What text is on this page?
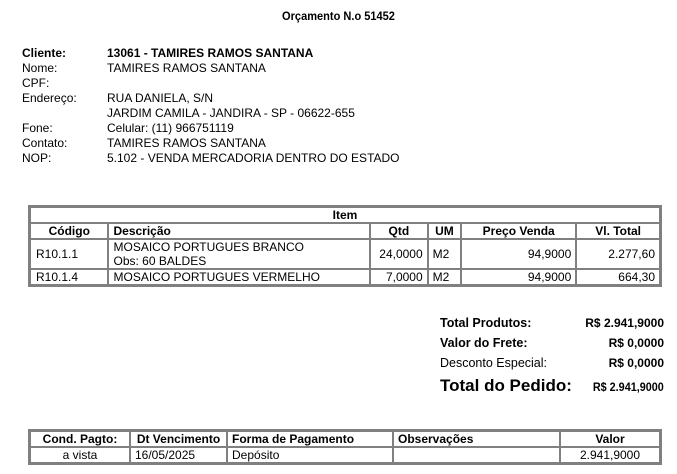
Orçamento N.o 51452
Cliente:	13061 - TAMIRES RAMOS SANTANA
Nome:	TAMIRES RAMOS SANTANA
CPF:
Endereço:	RUA DANIELA, S/N
JARDIM CAMILA - JANDIRA - SP - 06622-655
Fone:	Celular: (11) 966751119
Contato:	TAMIRES RAMOS SANTANA
NOP:	5.102 - VENDA MERCADORIA DENTRO DO ESTADO
Item					
Código	Descrição	Qtd	UM	Preço Venda	Vl. Total
R10.1.1	MOSAICO PORTUGUES BRANCO
Obs: 60 BALDES	24,0000	M2	94,9000	2.277,60
R10.1.4	MOSAICO PORTUGUES VERMELHO	7,0000	M2	94,9000	664,30
Total Produtos:	R$ 2.941,9000
Valor do Frete:	R$ 0,0000
Desconto Especial:	R$ 0,0000
Total do Pedido: R$ 2.941,9000
Cond. Pagto:	Dt Vencimento	Forma de Pagamento	Observações	Valor
a vista	16/05/2025	Depósito		2.941,9000
